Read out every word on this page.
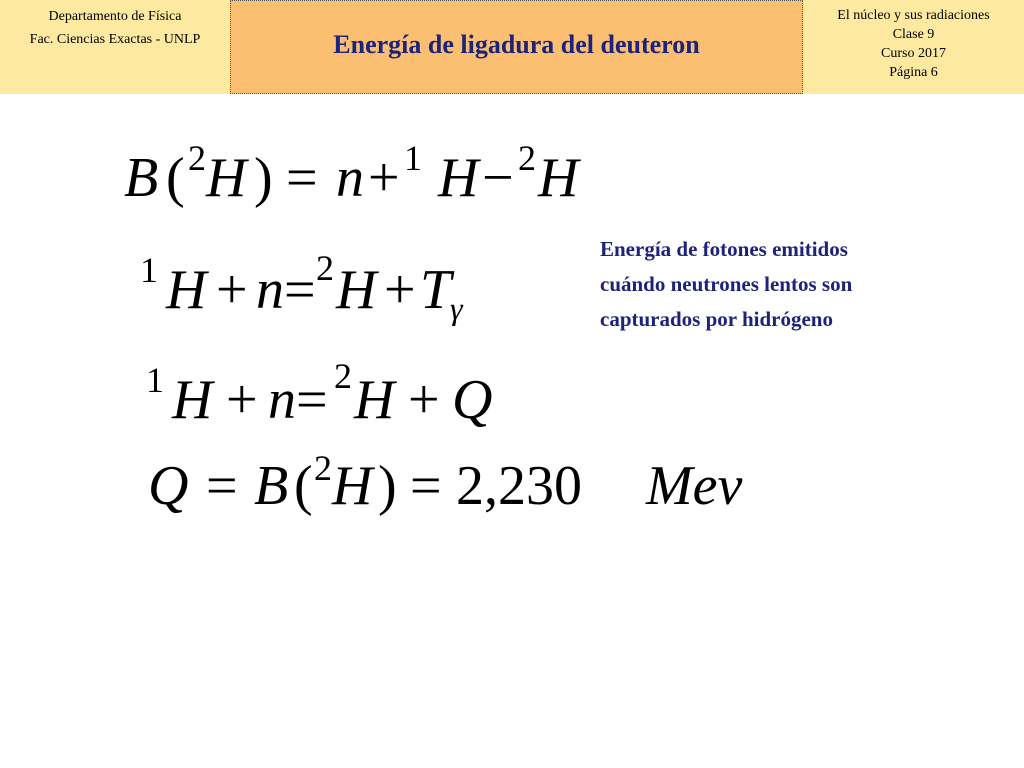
Departamento de Física
Fac. Ciencias Exactas - UNLP	Energía de ligadura del deuteron
El núcleo y sus radiaciones
Clase 9
Curso 2017
Página 6
B ( 2 H ) = n + 1 H − 2 H
1 H + n = 2 H + T
γ
1 H + n = 2 H + Q
Q = B ( 2 H ) = 2,230 Mev
Energía de fotones emitidos
cuándo neutrones lentos son
capturados por hidrógeno
